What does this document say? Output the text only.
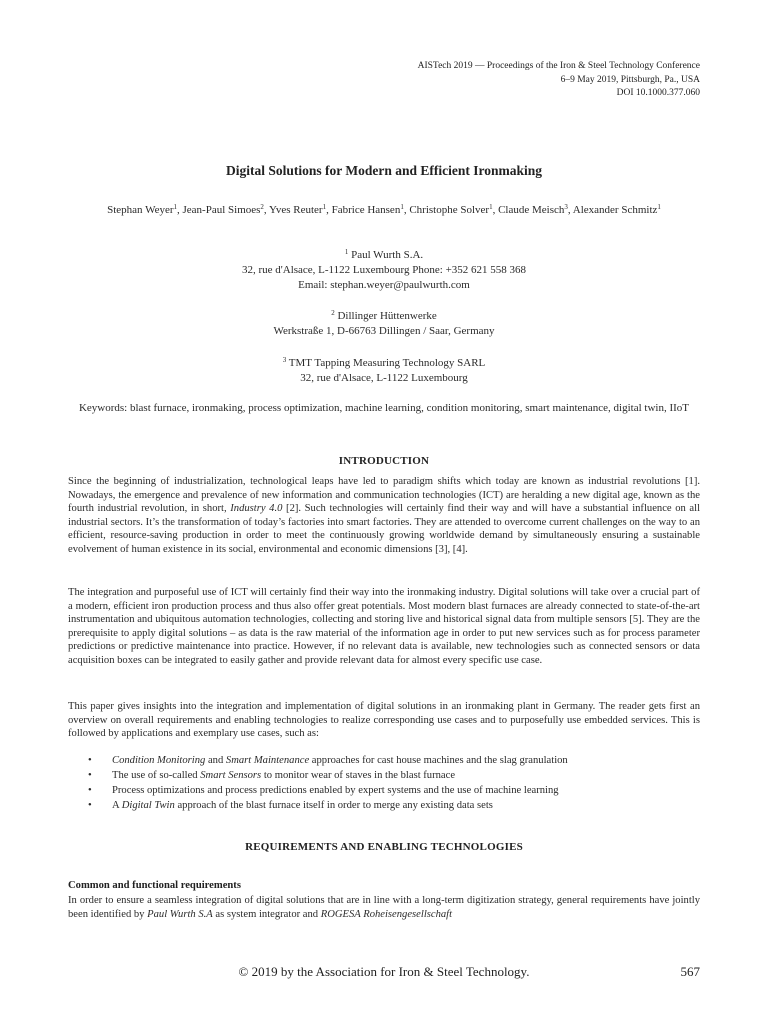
AISTech 2019 — Proceedings of the Iron & Steel Technology Conference
6–9 May 2019, Pittsburgh, Pa., USA
DOI 10.1000.377.060
Digital Solutions for Modern and Efficient Ironmaking
Stephan Weyer$^1$, Jean-Paul Simoes$^2$, Yves Reuter$^1$, Fabrice Hansen$^1$, Christophe Solver$^1$, Claude Meisch$^3$, Alexander Schmitz$^1$
$^1$ Paul Wurth S.A.
32, rue d'Alsace, L-1122 Luxembourg Phone: +352 621 558 368
Email: stephan.weyer@paulwurth.com
$^2$ Dillinger Hüttenwerke
Werkstraße 1, D-66763 Dillingen / Saar, Germany
$^3$ TMT Tapping Measuring Technology SARL
32, rue d'Alsace, L-1122 Luxembourg
Keywords: blast furnace, ironmaking, process optimization, machine learning, condition monitoring, smart maintenance, digital twin, IIoT
INTRODUCTION
Since the beginning of industrialization, technological leaps have led to paradigm shifts which today are known as industrial revolutions [1]. Nowadays, the emergence and prevalence of new information and communication technologies (ICT) are heralding a new digital age, known as the fourth industrial revolution, in short, Industry 4.0 [2]. Such technologies will certainly find their way and will have a substantial influence on all industrial sectors. It’s the transformation of today’s factories into smart factories. They are attended to overcome current challenges on the way to an efficient, resource-saving production in order to meet the continuously growing worldwide demand by simultaneously ensuring a sustainable evolvement of human existence in its social, environmental and economic dimensions [3], [4].
The integration and purposeful use of ICT will certainly find their way into the ironmaking industry. Digital solutions will take over a crucial part of a modern, efficient iron production process and thus also offer great potentials. Most modern blast furnaces are already connected to state-of-the-art instrumentation and ubiquitous automation technologies, collecting and storing live and historical signal data from multiple sensors [5]. They are the prerequisite to apply digital solutions – as data is the raw material of the information age in order to put new services such as for process parameter predictions or predictive maintenance into practice. However, if no relevant data is available, new technologies such as connected sensors or data acquisition boxes can be integrated to easily gather and provide relevant data for almost every specific use case.
This paper gives insights into the integration and implementation of digital solutions in an ironmaking plant in Germany. The reader gets first an overview on overall requirements and enabling technologies to realize corresponding use cases and to purposefully use embedded services. This is followed by applications and exemplary use cases, such as:
• Condition Monitoring and Smart Maintenance approaches for cast house machines and the slag granulation
• The use of so-called Smart Sensors to monitor wear of staves in the blast furnace
• Process optimizations and process predictions enabled by expert systems and the use of machine learning
• A Digital Twin approach of the blast furnace itself in order to merge any existing data sets
REQUIREMENTS AND ENABLING TECHNOLOGIES
Common and functional requirements
In order to ensure a seamless integration of digital solutions that are in line with a long-term digitization strategy, general requirements have jointly been identified by Paul Wurth S.A as system integrator and ROGESA Roheisengesellschaft
© 2019 by the Association for Iron & Steel Technology.	567
